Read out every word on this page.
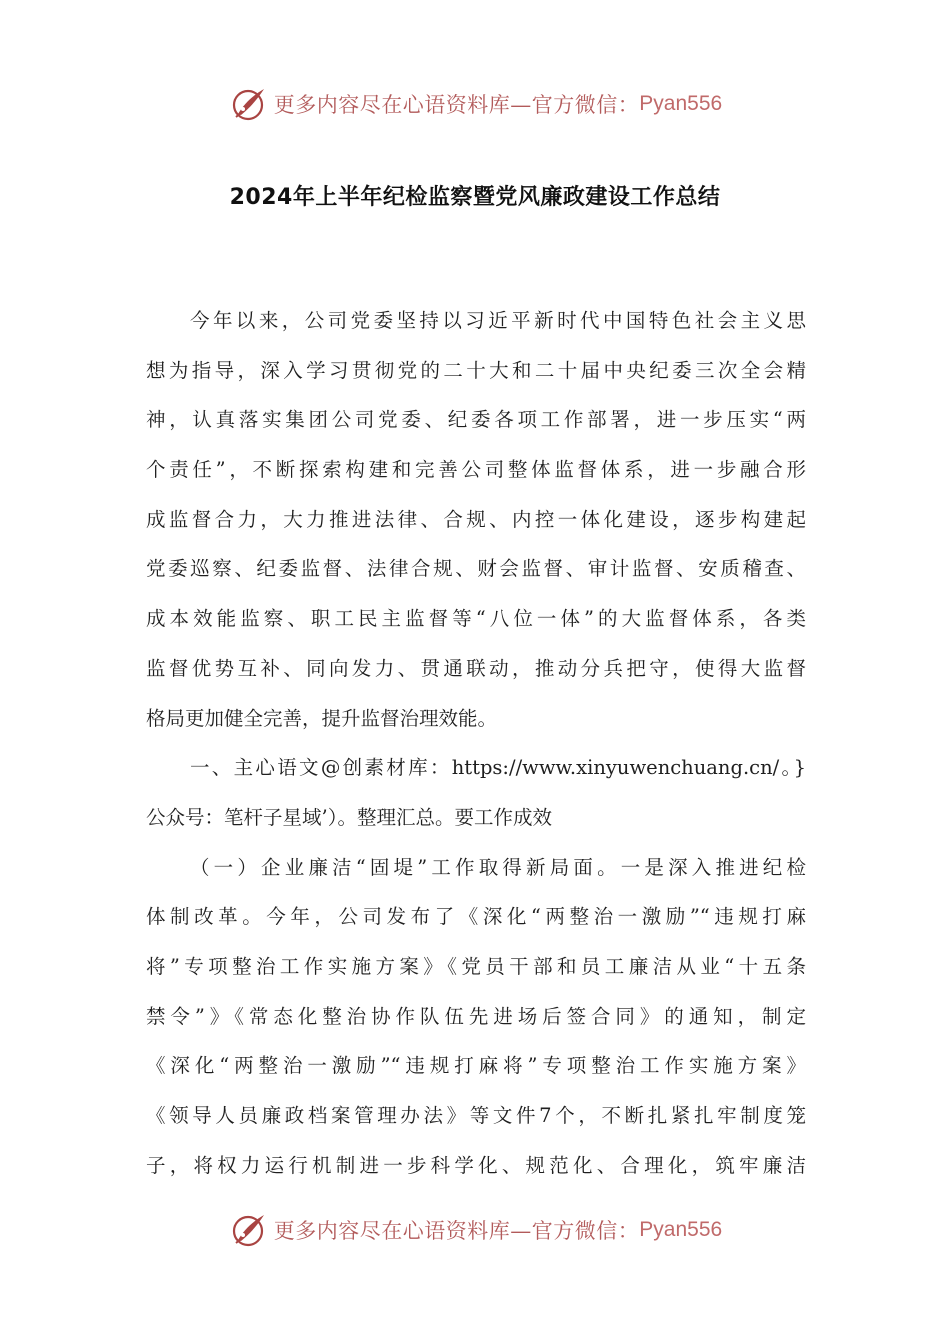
更多内容尽在心语资料库—官方微信： Pyan556
2024年上半年纪检监察暨党风廉政建设工作总结
今年以来，公司党委坚持以习近平新时代中国特色社会主义思
想为指导，深入学习贯彻党的二十大和二十届中央纪委三次全会精
神，认真落实集团公司党委、纪委各项工作部署，进一步压实“两
个责任”，不断探索构建和完善公司整体监督体系，进一步融合形
成监督合力，大力推进法律、合规、内控一体化建设，逐步构建起
党委巡察、纪委监督、法律合规、财会监督、审计监督、安质稽查、
成本效能监察、职工民主监督等“八位一体”的大监督体系，各类
监督优势互补、同向发力、贯通联动，推动分兵把守，使得大监督
格局更加健全完善，提升监督治理效能。
一、主心语文@创素材库：https://www.xinyuwenchuang.cn/。}
公众号：笔杆子星域’）。整理汇总。要工作成效
（一）企业廉洁“固堤”工作取得新局面。一是深入推进纪检
体制改革。今年，公司发布了《深化“两整治一激励”“违规打麻
将”专项整治工作实施方案》《党员干部和员工廉洁从业“十五条
禁令”》《常态化整治协作队伍先进场后签合同》的通知，制定
《深化“两整治一激励”“违规打麻将”专项整治工作实施方案》
《领导人员廉政档案管理办法》等文件7个，不断扎紧扎牢制度笼
子，将权力运行机制进一步科学化、规范化、合理化，筑牢廉洁
更多内容尽在心语资料库—官方微信： Pyan556
